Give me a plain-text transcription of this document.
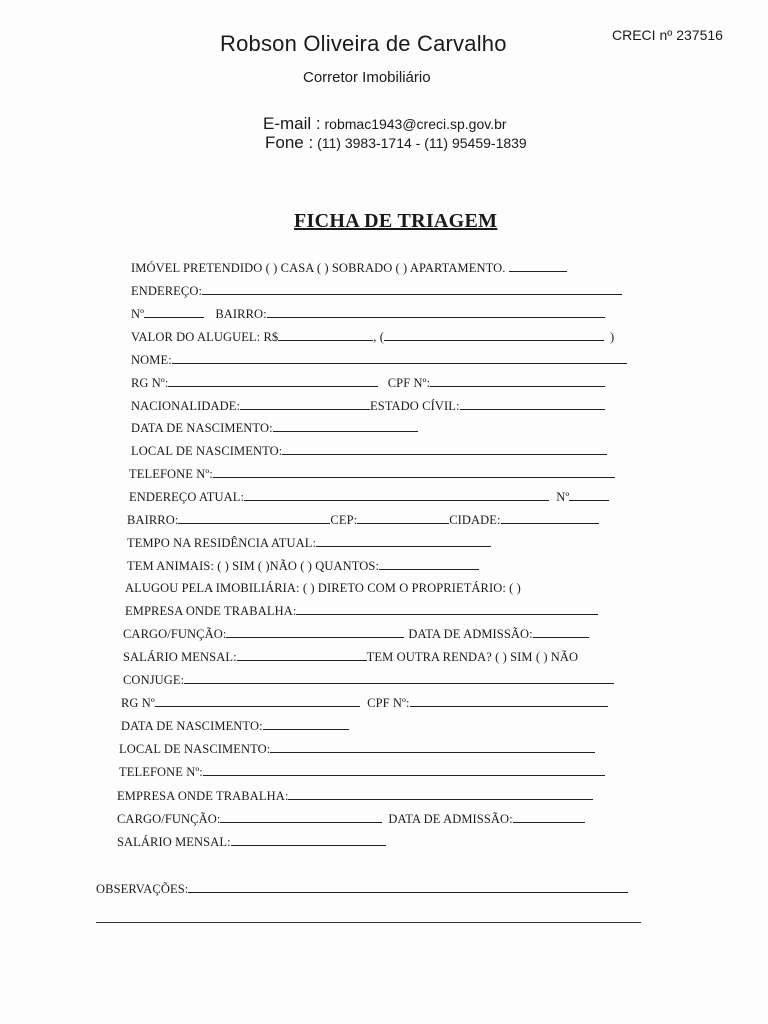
Robson Oliveira de Carvalho	CRECI nº 237516
Corretor Imobiliário
E-mail : robmac1943@creci.sp.gov.br
Fone : (11) 3983-1714 - (11) 95459-1839
FICHA DE TRIAGEM
IMÓVEL PRETENDIDO ( ) CASA ( ) SOBRADO ( ) APARTAMENTO.
ENDEREÇO:
Nº	BAIRRO:
VALOR DO ALUGUEL: R$	, (	)
NOME:
RG Nº:	CPF Nº:
NACIONALIDADE:	ESTADO CÍVIL:
DATA DE NASCIMENTO:
LOCAL DE NASCIMENTO:
TELEFONE Nº:
ENDEREÇO ATUAL:	Nº
BAIRRO:	CEP:	CIDADE:
TEMPO NA RESIDÊNCIA ATUAL:
TEM ANIMAIS: ( ) SIM ( )NÃO ( ) QUANTOS:
ALUGOU PELA IMOBILIÁRIA: ( ) DIRETO COM O PROPRIETÁRIO: ( )
EMPRESA ONDE TRABALHA:
CARGO/FUNÇÃO:	DATA DE ADMISSÃO:
SALÁRIO MENSAL:	TEM OUTRA RENDA? ( ) SIM ( ) NÃO
CONJUGE:
RG Nº	CPF Nº:
DATA DE NASCIMENTO:
LOCAL DE NASCIMENTO:
TELEFONE Nº:
EMPRESA ONDE TRABALHA:
CARGO/FUNÇÃO:	DATA DE ADMISSÃO:
SALÁRIO MENSAL:
OBSERVAÇÕES:
